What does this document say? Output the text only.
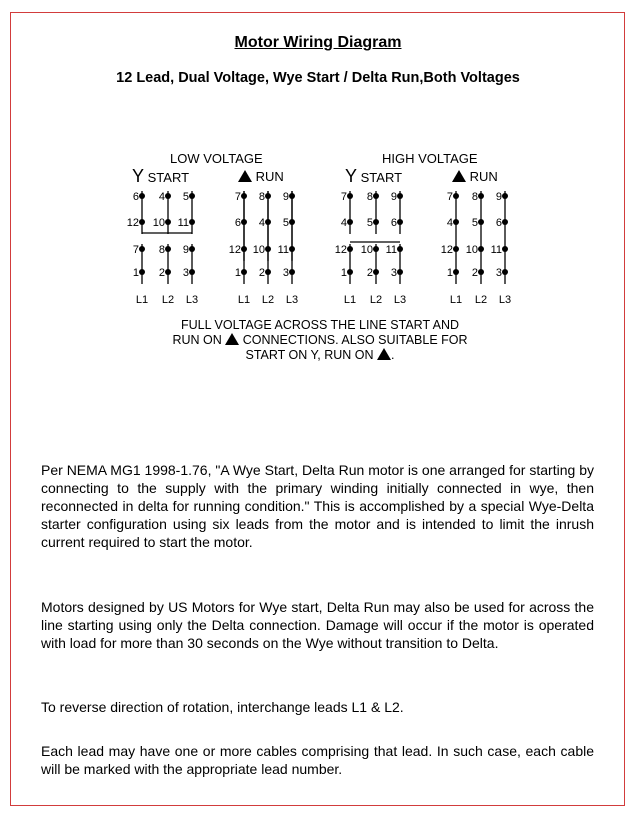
Motor Wiring Diagram
12 Lead, Dual Voltage, Wye Start / Delta Run,Both Voltages
LOW VOLTAGE	HIGH VOLTAGE
Y START	RUN	Y START	RUN
6 4 5
12 10 11
7 8 9
1 2 3
L1 L2 L3
7 8 9
6 4 5
12 10 11
1 2 3
L1 L2 L3
7 8 9
4 5 6
12 10 11
1 2 3
L1 L2 L3
7 8 9
4 5 6
12 10 11
1 2 3
L1 L2 L3
FULL VOLTAGE ACROSS THE LINE START AND
RUN ON CONNECTIONS. ALSO SUITABLE FOR
START ON Y, RUN ON .
Per NEMA MG1 1998-1.76, "A Wye Start, Delta Run motor is one arranged for starting by connecting to the supply with the primary winding initially connected in wye, then reconnected in delta for running condition." This is accomplished by a special Wye-Delta starter configuration using six leads from the motor and is intended to limit the inrush current required to start the motor.
Motors designed by US Motors for Wye start, Delta Run may also be used for across the line starting using only the Delta connection. Damage will occur if the motor is operated with load for more than 30 seconds on the Wye without transition to Delta.
To reverse direction of rotation, interchange leads L1 & L2.
Each lead may have one or more cables comprising that lead. In such case, each cable will be marked with the appropriate lead number.
